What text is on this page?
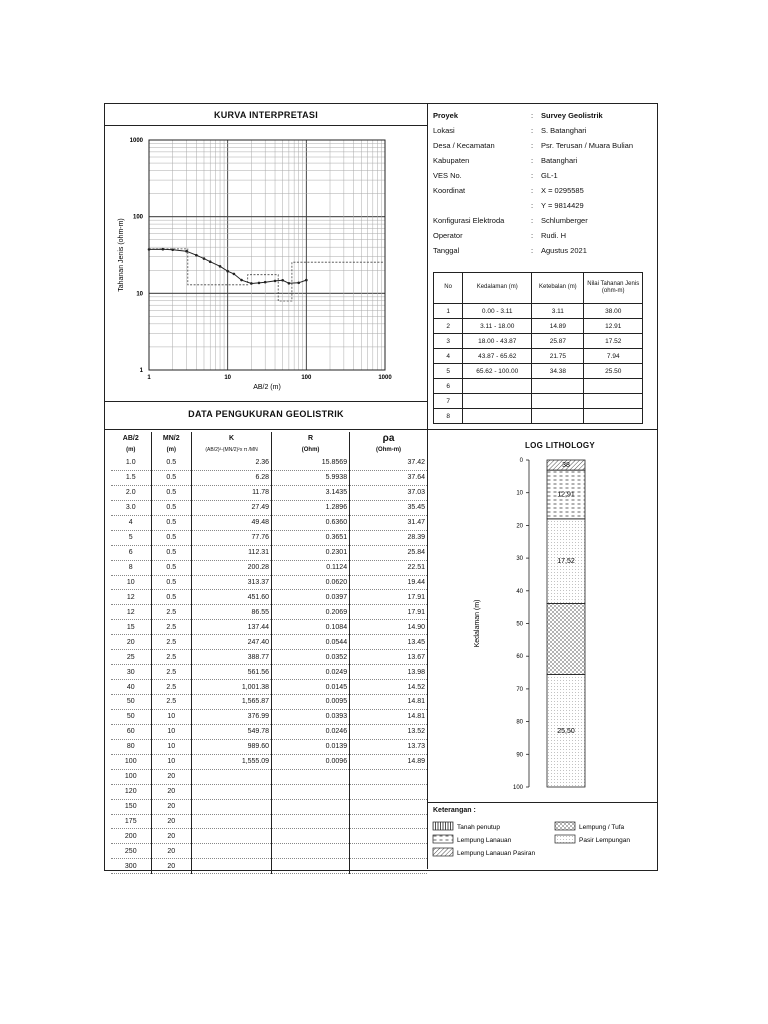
KURVA INTERPRETASI
DATA PENGUKURAN GEOLISTRIK
1000
100
10
1
1	10	100	1000
AB/2 (m)
Tahanan Jenis (ohm-m)
Proyek	: Survey Geolistrik
Lokasi	: S. Batanghari
Desa / Kecamatan	: Psr. Terusan / Muara Bulian
Kabupaten	: Batanghari
VES No.	: GL-1
Koordinat	: X = 0295585
: Y = 9814429
Konfigurasi Elektroda	: Schlumberger
Operator	: Rudi. H
Tanggal	: Agustus 2021
No	Kedalaman (m)	Ketebalan (m)	Nilai Tahanan Jenis (ohm-m)
1	0.00 - 3.11	3.11	38.00
2	3.11 - 18.00	14.89	12.91
3	18.00 - 43.87	25.87	17.52
4	43.87 - 65.62	21.75	7.94
5	65.62 - 100.00	34.38	25.50
6			
7			
8			
AB/2	MN/2	K	R	ρa
(m)	(m)	(AB/2)²-(MN/2)²x π /MN	(Ohm)	(Ohm-m)
1.0	0.5	2.36	15.8569	37.42
1.5	0.5	6.28	5.9938	37.64
2.0	0.5	11.78	3.1435	37.03
3.0	0.5	27.49	1.2896	35.45
4	0.5	49.48	0.6360	31.47
5	0.5	77.76	0.3651	28.39
6	0.5	112.31	0.2301	25.84
8	0.5	200.28	0.1124	22.51
10	0.5	313.37	0.0620	19.44
12	0.5	451.60	0.0397	17.91
12	2.5	86.55	0.2069	17.91
15	2.5	137.44	0.1084	14.90
20	2.5	247.40	0.0544	13.45
25	2.5	388.77	0.0352	13.67
30	2.5	561.56	0.0249	13.98
40	2.5	1,001.38	0.0145	14.52
50	2.5	1,565.87	0.0095	14.81
50	10	376.99	0.0393	14.81
60	10	549.78	0.0246	13.52
80	10	989.60	0.0139	13.73
100	10	1,555.09	0.0096	14.89
100	20			
120	20			
150	20			
175	20			
200	20			
250	20			
300	20			
LOG LITHOLOGY
38
12,91
17,52
25,50
0
10
20
30
40
50
60
70
80
90
100
Kedalaman (m)
Keterangan :
Tanah penutup
Lempung Lanauan
Lempung Lanauan Pasiran
Lempung / Tufa
Pasir Lempungan
